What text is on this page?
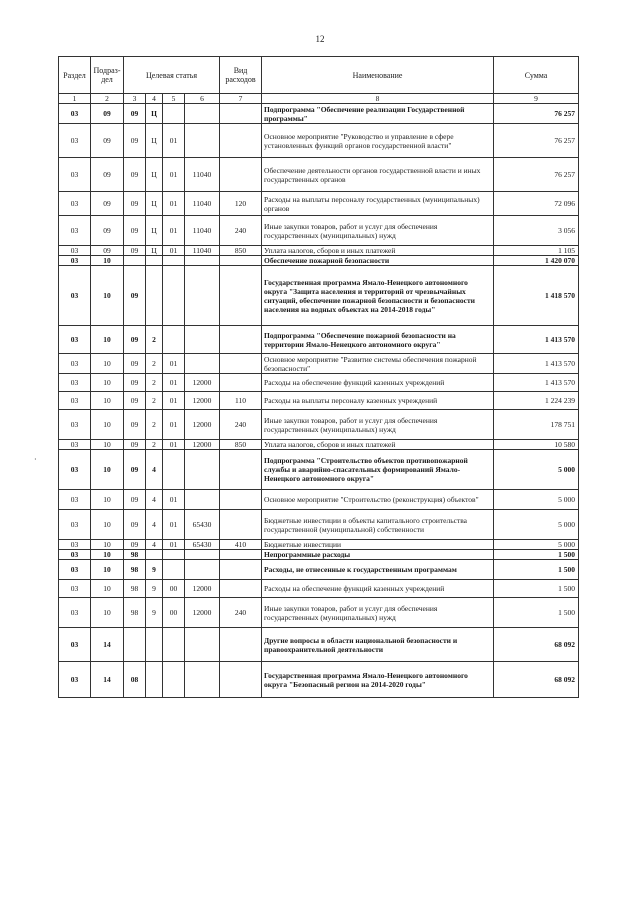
12
·
Раздел	Подраз-дел	Целевая статья				Вид расходов	Наименование	Сумма
1	2	3	4	5	6	7	8	9
03	09	09	Ц				Подпрограмма "Обеспечение реализации Государственной программы"	76 257
03	09	09	Ц	01			Основное мероприятие "Руководство и управление в сфере установленных функций органов государственной власти"	76 257
03	09	09	Ц	01	11040		Обеспечение деятельности органов государственной власти и иных государственных органов	76 257
03	09	09	Ц	01	11040	120	Расходы на выплаты персоналу государственных (муниципальных) органов	72 096
03	09	09	Ц	01	11040	240	Иные закупки товаров, работ и услуг для обеспечения государственных (муниципальных) нужд	3 056
03	09	09	Ц	01	11040	850	Уплата налогов, сборов и иных платежей	1 105
03	10						Обеспечение пожарной безопасности	1 420 070
03	10	09					Государственная программа Ямало-Ненецкого автономного округа "Защита населения и территорий от чрезвычайных ситуаций, обеспечение пожарной безопасности и безопасности населения на водных объектах на 2014-2018 годы"	1 418 570
03	10	09	2				Подпрограмма "Обеспечение пожарной безопасности на территории Ямало-Ненецкого автономного округа"	1 413 570
03	10	09	2	01			Основное мероприятие "Развитие системы обеспечения пожарной безопасности"	1 413 570
03	10	09	2	01	12000		Расходы на обеспечение функций казенных учреждений	1 413 570
03	10	09	2	01	12000	110	Расходы на выплаты персоналу казенных учреждений	1 224 239
03	10	09	2	01	12000	240	Иные закупки товаров, работ и услуг для обеспечения государственных (муниципальных) нужд	178 751
03	10	09	2	01	12000	850	Уплата налогов, сборов и иных платежей	10 580
03	10	09	4				Подпрограмма "Строительство объектов противопожарной службы и аварийно-спасательных формирований Ямало-Ненецкого автономного округа"	5 000
03	10	09	4	01			Основное мероприятие "Строительство (реконструкция) объектов"	5 000
03	10	09	4	01	65430		Бюджетные инвестиции в объекты капитального строительства государственной (муниципальной) собственности	5 000
03	10	09	4	01	65430	410	Бюджетные инвестиции	5 000
03	10	98					Непрограммные расходы	1 500
03	10	98	9				Расходы, не отнесенные к государственным программам	1 500
03	10	98	9	00	12000		Расходы на обеспечение функций казенных учреждений	1 500
03	10	98	9	00	12000	240	Иные закупки товаров, работ и услуг для обеспечения государственных (муниципальных) нужд	1 500
03	14						Другие вопросы в области национальной безопасности и правоохранительной деятельности	68 092
03	14	08					Государственная программа Ямало-Ненецкого автономного округа "Безопасный регион на 2014-2020 годы"	68 092
